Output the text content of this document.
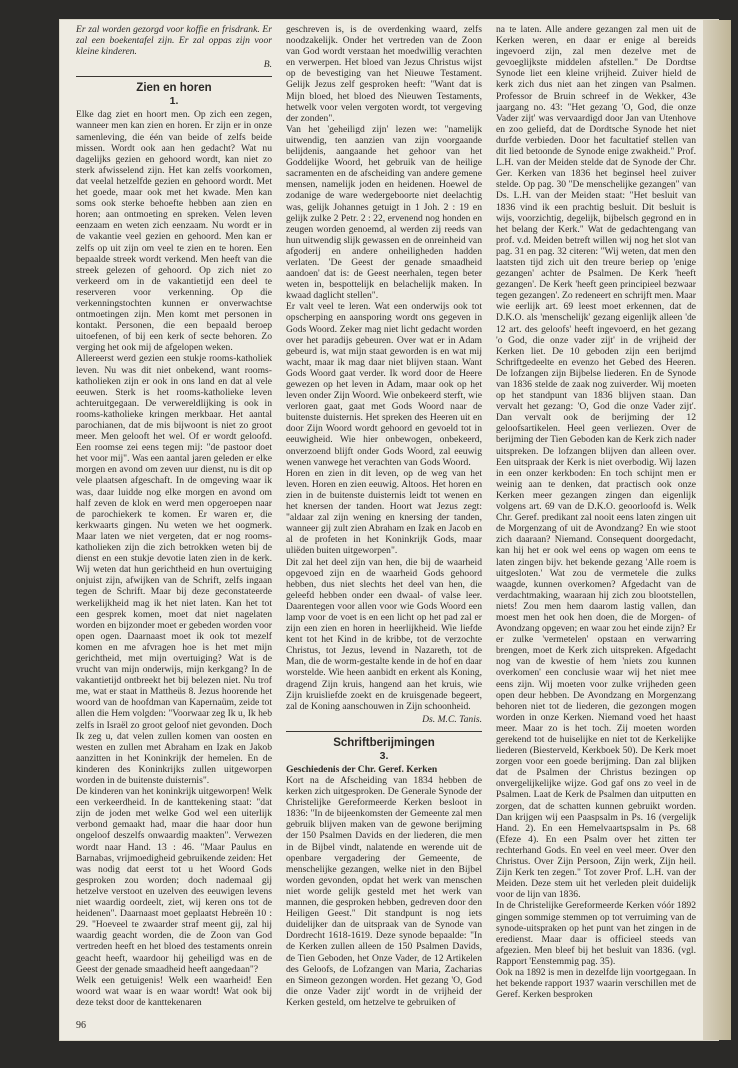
Er zal worden gezorgd voor koffie en frisdrank. Er zal een boekentafel zijn. Er zal oppas zijn voor kleine kinderen.

B.
Zien en horen
1.

Elke dag ziet en hoort men. Op zich een zegen, wanneer men kan zien en horen. Er zijn er in onze samenleving, die één van beide of zelfs beide missen. Wordt ook aan hen gedacht? Wat nu dagelijks gezien en gehoord wordt, kan niet zo sterk afwisselend zijn. Het kan zelfs voorkomen, dat veelal hetzelfde gezien en gehoord wordt. Met het goede, maar ook met het kwade. Men kan soms ook sterke behoefte hebben aan zien en horen; aan ontmoeting en spreken. Velen leven eenzaam en weten zich eenzaam. Nu wordt er in de vakantie veel gezien en gehoord. Men kan er zelfs op uit zijn om veel te zien en te horen. Een bepaalde streek wordt verkend. Men heeft van die streek gelezen of gehoord. Op zich niet zo verkeerd om in de vakantietijd een deel te reserveren voor verkenning. Op die verkenningstochten kunnen er onverwachtse ontmoetingen zijn. Men komt met personen in kontakt. Personen, die een bepaald beroep uitoefenen, of bij een kerk of secte behoren. Zo verging het ook mij de afgelopen weken.

Allereerst werd gezien een stukje rooms-katholiek leven. Nu was dit niet onbekend, want rooms-katholieken zijn er ook in ons land en dat al vele eeuwen. Sterk is het rooms-katholieke leven achteruitgegaan. De verwereldlijking is ook in rooms-katholieke kringen merkbaar. Het aantal parochianen, dat de mis bijwoont is niet zo groot meer. Men gelooft het wel. Of er wordt geloofd. Een roomse zei eens tegen mij: "de pastoor doet het voor mij". Was een aantal jaren geleden er elke morgen en avond om zeven uur dienst, nu is dit op vele plaatsen afgeschaft. In de omgeving waar ik was, daar luidde nog elke morgen en avond om half zeven de klok en werd men opgeroepen naar de parochiekerk te komen. Er waren er, die kerkwaarts gingen. Nu weten we het oogmerk. Maar laten we niet vergeten, dat er nog rooms-katholieken zijn die zich betrokken weten bij de dienst en een stukje devotie laten zien in de kerk. Wij weten dat hun gerichtheid en hun overtuiging onjuist zijn, afwijken van de Schrift, zelfs ingaan tegen de Schrift. Maar bij deze geconstateerde werkelijkheid mag ik het niet laten. Kan het tot een gesprek komen, moet dat niet nagelaten worden en bijzonder moet er gebeden worden voor open ogen. Daarnaast moet ik ook tot mezelf komen en me afvragen hoe is het met mijn gerichtheid, met mijn overtuiging? Wat is de vrucht van mijn onderwijs, mijn kerkgang? In de vakantietijd ontbreekt het bij belezen niet. Nu trof me, wat er staat in Mattheüs 8. Jezus hoorende het woord van de hoofdman van Kapernaüm, zeide tot allen die Hem volgden: "Voorwaar zeg Ik u, Ik heb zelfs in Israël zo groot geloof niet gevonden. Doch Ik zeg u, dat velen zullen komen van oosten en westen en zullen met Abraham en Izak en Jakob aanzitten in het Koninkrijk der hemelen. En de kinderen des Koninkrijks zullen uitgeworpen worden in de buitenste duisternis".

De kinderen van het koninkrijk uitgeworpen! Welk een verkeerdheid. In de kanttekening staat: "dat zijn de joden met welke God wel een uiterlijk verbond gemaakt had, maar die haar door hun ongeloof deszelfs onwaardig maakten". Verwezen wordt naar Hand. 13 : 46. "Maar Paulus en Barnabas, vrijmoedigheid gebruikende zeiden: Het was nodig dat eerst tot u het Woord Gods gesproken zou worden; doch nademaal gij hetzelve verstoot en uzelven des eeuwigen levens niet waardig oordeelt, ziet, wij keren ons tot de heidenen". Daarnaast moet geplaatst Hebreën 10 : 29. "Hoeveel te zwaarder straf meent gij, zal hij waardig geacht worden, die de Zoon van God vertreden heeft en het bloed des testaments onrein geacht heeft, waardoor hij geheiligd was en de Geest der genade smaadheid heeft aangedaan"?

Welk een getuigenis! Welk een waarheid! Een woord wat waar is en waar wordt! Wat ook bij deze tekst door de kanttekenaren

geschreven is, is de overdenking waard, zelfs noodzakelijk. Onder het vertreden van de Zoon van God wordt verstaan het moedwillig verachten en verwerpen. Het bloed van Jezus Christus wijst op de bevestiging van het Nieuwe Testament. Gelijk Jezus zelf gesproken heeft: "Want dat is Mijn bloed, het bloed des Nieuwen Testaments, hetwelk voor velen vergoten wordt, tot vergeving der zonden".

Van het 'geheiligd zijn' lezen we: "namelijk uitwendig, ten aanzien van zijn voorgaande belijdenis, aangaande het gehoor van het Goddelijke Woord, het gebruik van de heilige sacramenten en de afscheiding van andere gemene mensen, namelijk joden en heidenen. Hoewel de zodanige de ware wedergeboorte niet deelachtig was, gelijk Johannes getuigt in 1 Joh. 2 : 19 en gelijk zulke 2 Petr. 2 : 22, ervenend nog honden en zeugen worden genoemd, al werden zij reeds van hun uitwendig slijk gewassen en de onreinheid van afgoderij en andere onheiligheden hadden verlaten. 'De Geest der genade smaadheid aandoen' dat is: de Geest neerhalen, tegen beter weten in, bespottelijk en belachelijk maken. In kwaad daglicht stellen".

Er valt veel te leren. Wat een onderwijs ook tot opscherping en aansporing wordt ons gegeven in Gods Woord. Zeker mag niet licht gedacht worden over het paradijs gebeuren. Over wat er in Adam gebeurd is, wat mijn staat geworden is en wat mij wacht, maar ik mag daar niet blijven staan. Want Gods Woord gaat verder. Ik word door de Heere gewezen op het leven in Adam, maar ook op het leven onder Zijn Woord. Wie onbekeerd sterft, wie verloren gaat, gaat met Gods Woord naar de buitenste duisternis. Het spreken des Heeren uit en door Zijn Woord wordt gehoord en gevoeld tot in eeuwigheid. Wie hier onbewogen, onbekeerd, onverzoend blijft onder Gods Woord, zal eeuwig wenen vanwege het verachten van Gods Woord.

Horen en zien in dit leven, op de weg van het leven. Horen en zien eeuwig. Altoos. Het horen en zien in de buitenste duisternis leidt tot wenen en het knersen der tanden. Hoort wat Jezus zegt: "aldaar zal zijn wening en knersing der tanden, wanneer gij zult zien Abraham en Izak en Jacob en al de profeten in het Koninkrijk Gods, maar uliëden buiten uitgeworpen".

Dit zal het deel zijn van hen, die bij de waarheid opgevoed zijn en de waarheid Gods gehoord hebben, dus niet slechts het deel van hen, die geleefd hebben onder een dwaal- of valse leer. Daarentegen voor allen voor wie Gods Woord een lamp voor de voet is en een licht op het pad zal er zijn een zien en horen in heerlijkheid. Wie liefde kent tot het Kind in de kribbe, tot de verzochte Christus, tot Jezus, levend in Nazareth, tot de Man, die de worm-gestalte kende in de hof en daar worstelde. Wie heen aanbidt en erkent als Koning, dragend Zijn kruis, hangend aan het kruis, wie Zijn kruisliefde zoekt en de kruisgenade begeert, zal de Koning aanschouwen in Zijn schoonheid.

Ds. M.C. Tanis.
Schriftberijmingen
3.

Geschiedenis der Chr. Geref. Kerken

Kort na de Afscheiding van 1834 hebben de kerken zich uitgesproken. De Generale Synode der Christelijke Gereformeerde Kerken besloot in 1836: "In de bijeenkomsten der Gemeente zal men gebruik blijven maken van de gewone berijming der 150 Psalmen Davids en der liederen, die men in de Bijbel vindt, nalatende en werende uit de openbare vergadering der Gemeente, de menschelijke gezangen, welke niet in den Bijbel worden gevonden, opdat het werk van menschen niet worde gelijk gesteld met het werk van mannen, die gesproken hebben, gedreven door den Heiligen Geest." Dit standpunt is nog iets duidelijker dan de uitspraak van de Synode van Dordrecht 1618-1619. Deze synode bepaalde: "In de Kerken zullen alleen de 150 Psalmen Davids, de Tien Geboden, het Onze Vader, de 12 Artikelen des Geloofs, de Lofzangen van Maria, Zacharias en Simeon gezongen worden. Het gezang 'O, God die onze Vader zijt' wordt in de vrijheid der Kerken gesteld, om hetzelve te gebruiken of

na te laten. Alle andere gezangen zal men uit de Kerken weren, en daar er enige al bereids ingevoerd zijn, zal men dezelve met de gevoeglijkste middelen afstellen." De Dordtse Synode liet een kleine vrijheid. Zuiver hield de kerk zich dus niet aan het zingen van Psalmen. Professor de Bruin schreef in de Wekker, 43e jaargang no. 43: "Het gezang 'O, God, die onze Vader zijt' was vervaardigd door Jan van Utenhove en zoo geliefd, dat de Dordtsche Synode het niet durfde verbieden. Door het facultatief stellen van dit lied betoonde de Synode enige zwakheid." Prof. L.H. van der Meiden stelde dat de Synode der Chr. Ger. Kerken van 1836 het beginsel heel zuiver stelde. Op pag. 30 "De menschelijke gezangen" van Ds. L.H. van der Meiden staat: "Het besluit van 1836 vind ik een prachtig besluit. Dit besluit is wijs, voorzichtig, degelijk, bijbelsch gegrond en in het belang der Kerk." Wat de gedachtengang van prof. v.d. Meiden betreft willen wij nog het slot van pag. 31 en pag. 32 citeren: "Wij weten, dat men den laatsten tijd zich uit den treure beriep op 'enige gezangen' achter de Psalmen. De Kerk 'heeft gezangen'. De Kerk 'heeft geen principieel bezwaar tegen gezangen'. Zo redeneert en schrijft men. Maar wie eerlijk art. 69 leest moet erkennen, dat de D.K.O. als 'menschelijk' gezang eigenlijk alleen 'de 12 art. des geloofs' heeft ingevoerd, en het gezang 'o God, die onze vader zijt' in de vrijheid der Kerken liet. De 10 geboden zijn een berijmd Schriftgedeelte en evenzo het Gebed des Heeren. De lofzangen zijn Bijbelse liederen. En de Synode van 1836 stelde de zaak nog zuiverder. Wij moeten op het standpunt van 1836 blijven staan. Dan vervalt het gezang: 'O, God die onze Vader zijt'. Dan vervalt ook de berijming der 12 geloofsartikelen. Heel geen verliezen. Over de berijming der Tien Geboden kan de Kerk zich nader uitspreken. De lofzangen blijven dan alleen over. Een uitspraak der Kerk is niet overbodig. Wij lazen in een onzer kerkboden: En toch schijnt men er weinig aan te denken, dat practisch ook onze Kerken meer gezangen zingen dan eigenlijk volgens art. 69 van de D.K.O. geoorloofd is. Welk Chr. Geref. predikant zal nooit eens laten zingen uit de Morgenzang of uit de Avondzang? En wie stoot zich daaraan? Niemand. Consequent doorgedacht, kan hij het er ook wel eens op wagen om eens te laten zingen bijv. het bekende gezang 'Alle roem is uitgesloten.' Wat zou de vermetele die zulks waagde, kunnen overkomen? Afgedacht van de verdachtmaking, waaraan hij zich zou blootstellen, niets! Zou men hem daarom lastig vallen, dan moest men het ook hen doen, die de Morgen- of Avondzang opgeven; en waar zou het einde zijn? Er er zulke 'vermetelen' opstaan en verwarring brengen, moet de Kerk zich uitspreken. Afgedacht nog van de kwestie of hem 'niets zou kunnen overkomen' een conclusie waar wij het niet mee eens zijn. Wij moeten voor zulke vrijheden geen open deur hebben. De Avondzang en Morgenzang behoren niet tot de liederen, die gezongen mogen worden in onze Kerken. Niemand voed het haast meer. Maar zo is het toch. Zij moeten worden gerekend tot de huiselijke en niet tot de Kerkelijke liederen (Biesterveld, Kerkboek 50). De Kerk moet zorgen voor een goede berijming. Dan zal blijken dat de Psalmen der Christus bezingen op onvergelijkelijke wijze. God gaf ons zo veel in de Psalmen. Laat de Kerk de Psalmen dan uitputten en zorgen, dat de schatten kunnen gebruikt worden. Dan krijgen wij een Paaspsalm in Ps. 16 (vergelijk Hand. 2). En een Hemelvaartspsalm in Ps. 68 (Efeze 4). En een Psalm over het zitten ter rechterhand Gods. En veel en veel meer. Over den Christus. Over Zijn Persoon, Zijn werk, Zijn heil. Zijn Kerk ten zegen." Tot zover Prof. L.H. van der Meiden. Deze stem uit het verleden pleit duidelijk voor de lijn van 1836.

In de Christelijke Gereformeerde Kerken vóór 1892 gingen sommige stemmen op tot verruiming van de synode-uitspraken op het punt van het zingen in de eredienst. Maar daar is officieel steeds van afgezien. Men bleef bij het besluit van 1836. (vgl. Rapport 'Eenstemmig pag. 35).

Ook na 1892 is men in dezelfde lijn voortgegaan. In het bekende rapport 1937 waarin verschillen met de Geref. Kerken besproken

96
